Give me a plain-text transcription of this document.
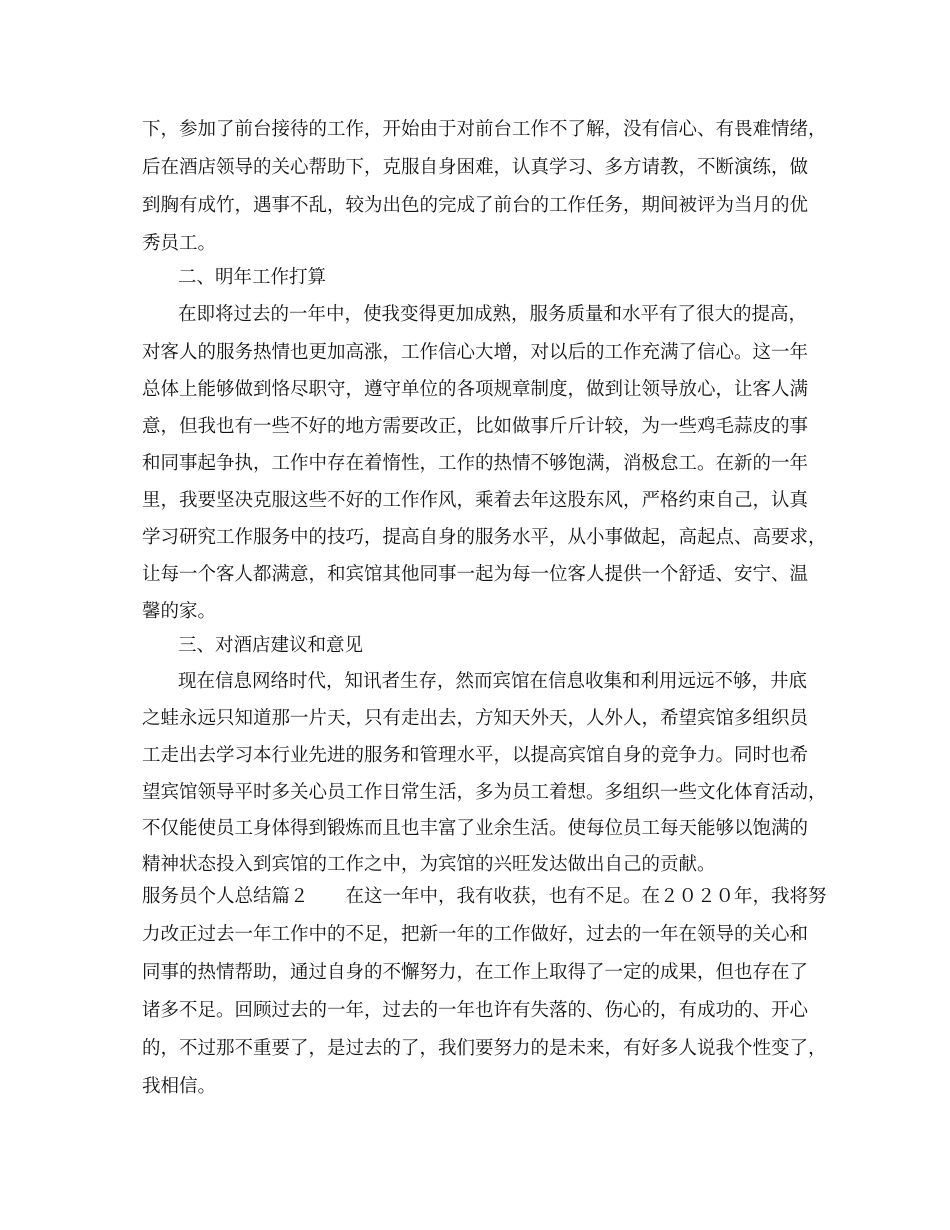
下，参加了前台接待的工作，开始由于对前台工作不了解，没有信心、有畏难情绪，
后在酒店领导的关心帮助下，克服自身困难，认真学习、多方请教，不断演练，做
到胸有成竹，遇事不乱，较为出色的完成了前台的工作任务，期间被评为当月的优
秀员工。
二、明年工作打算
在即将过去的一年中，使我变得更加成熟，服务质量和水平有了很大的提高，
对客人的服务热情也更加高涨，工作信心大增，对以后的工作充满了信心。这一年
总体上能够做到恪尽职守，遵守单位的各项规章制度，做到让领导放心，让客人满
意，但我也有一些不好的地方需要改正，比如做事斤斤计较，为一些鸡毛蒜皮的事
和同事起争执，工作中存在着惰性，工作的热情不够饱满，消极怠工。在新的一年
里，我要坚决克服这些不好的工作作风，乘着去年这股东风，严格约束自己，认真
学习研究工作服务中的技巧，提高自身的服务水平，从小事做起，高起点、高要求，
让每一个客人都满意，和宾馆其他同事一起为每一位客人提供一个舒适、安宁、温
馨的家。
三、对酒店建议和意见
现在信息网络时代，知讯者生存，然而宾馆在信息收集和利用远远不够，井底
之蛙永远只知道那一片天，只有走出去，方知天外天，人外人，希望宾馆多组织员
工走出去学习本行业先进的服务和管理水平，以提高宾馆自身的竞争力。同时也希
望宾馆领导平时多关心员工作日常生活，多为员工着想。多组织一些文化体育活动，
不仅能使员工身体得到锻炼而且也丰富了业余生活。使每位员工每天能够以饱满的
精神状态投入到宾馆的工作之中，为宾馆的兴旺发达做出自己的贡献。
服务员个人总结篇２　　在这一年中，我有收获，也有不足。在２０２０年，我将努
力改正过去一年工作中的不足，把新一年的工作做好，过去的一年在领导的关心和
同事的热情帮助，通过自身的不懈努力，在工作上取得了一定的成果，但也存在了
诸多不足。回顾过去的一年，过去的一年也许有失落的、伤心的，有成功的、开心
的，不过那不重要了，是过去的了，我们要努力的是未来，有好多人说我个性变了，
我相信。
